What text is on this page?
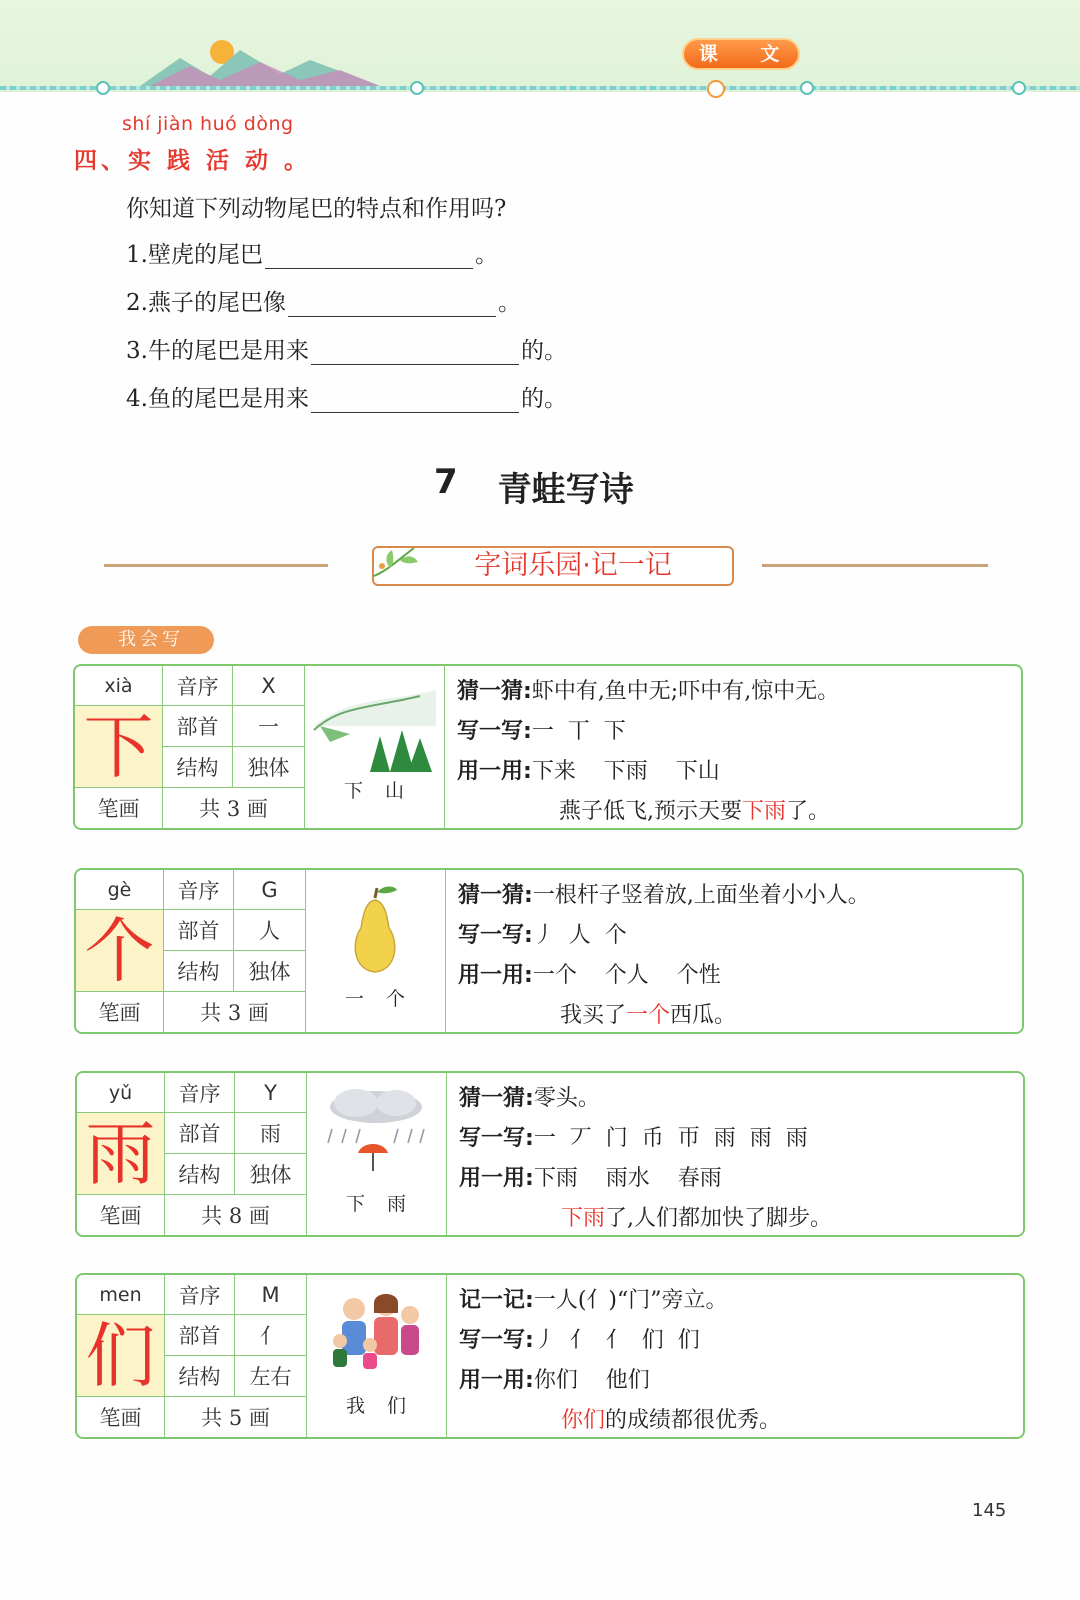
课 文
shí jiàn huó dòng
四、实 践 活 动 。
你知道下列动物尾巴的特点和作用吗?
1.壁虎的尾巴	。
2.燕子的尾巴像	。
3.牛的尾巴是用来	的。
4.鱼的尾巴是用来	的。
7 青蛙写诗
字词乐园·记一记
我会写
xià	音序	X
下	部首	一
结构	独体
笔画	共 3 画
下山
猜一猜:虾中有,鱼中无;吓中有,惊中无。
写一写:一  丅  下
用一用:下来    下雨    下山
燕子低飞,预示天要下雨了。
gè	音序	G
个	部首	人
结构	独体
笔画	共 3 画
一个
猜一猜:一根杆子竖着放,上面坐着小小人。
写一写:丿  人  个
用一用:一个    个人    个性
我买了一个西瓜。
yǔ	音序	Y
雨	部首	雨
结构	独体
笔画	共 8 画	下雨
猜一猜:零头。
写一写:一  丆  门  币  帀  雨  雨  雨
用一用:下雨    雨水    春雨
下雨了,人们都加快了脚步。
men	音序	M
们	部首	亻
结构	左右
笔画	共 5 画	我们
记一记:一人(亻)“门”旁立。
写一写:丿  亻  亻  们  们
用一用:你们    他们
你们的成绩都很优秀。
145
